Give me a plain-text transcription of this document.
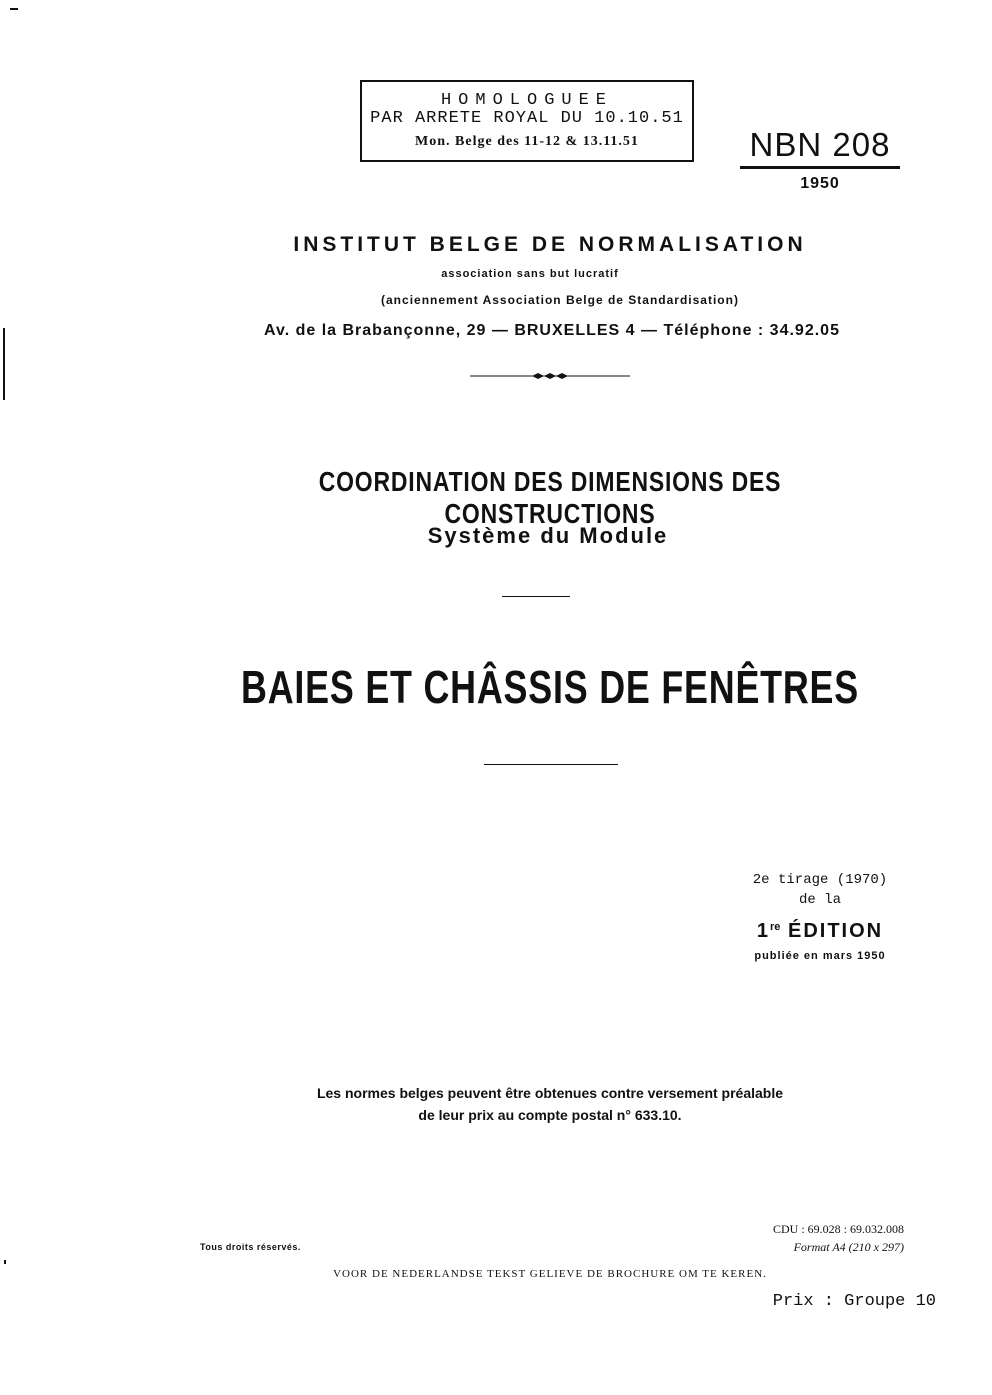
HOMOLOGUEE
PAR ARRETE ROYAL DU 10.10.51
Mon. Belge des 11-12 & 13.11.51	NBN 208
1950
INSTITUT BELGE DE NORMALISATION
association sans but lucratif
(anciennement Association Belge de Standardisation)
Av. de la Brabançonne, 29 — BRUXELLES 4 — Téléphone : 34.92.05
COORDINATION DES DIMENSIONS DES CONSTRUCTIONS
Système du Module
BAIES ET CHÂSSIS DE FENÊTRES
2e tirage (1970)
de la
1re ÉDITION
publiée en mars 1950
Les normes belges peuvent être obtenues contre versement préalable
de leur prix au compte postal n° 633.10.
Tous droits réservés.
CDU : 69.028 : 69.032.008
Format A4 (210 x 297)
VOOR DE NEDERLANDSE TEKST GELIEVE DE BROCHURE OM TE KEREN.
Prix : Groupe 10
